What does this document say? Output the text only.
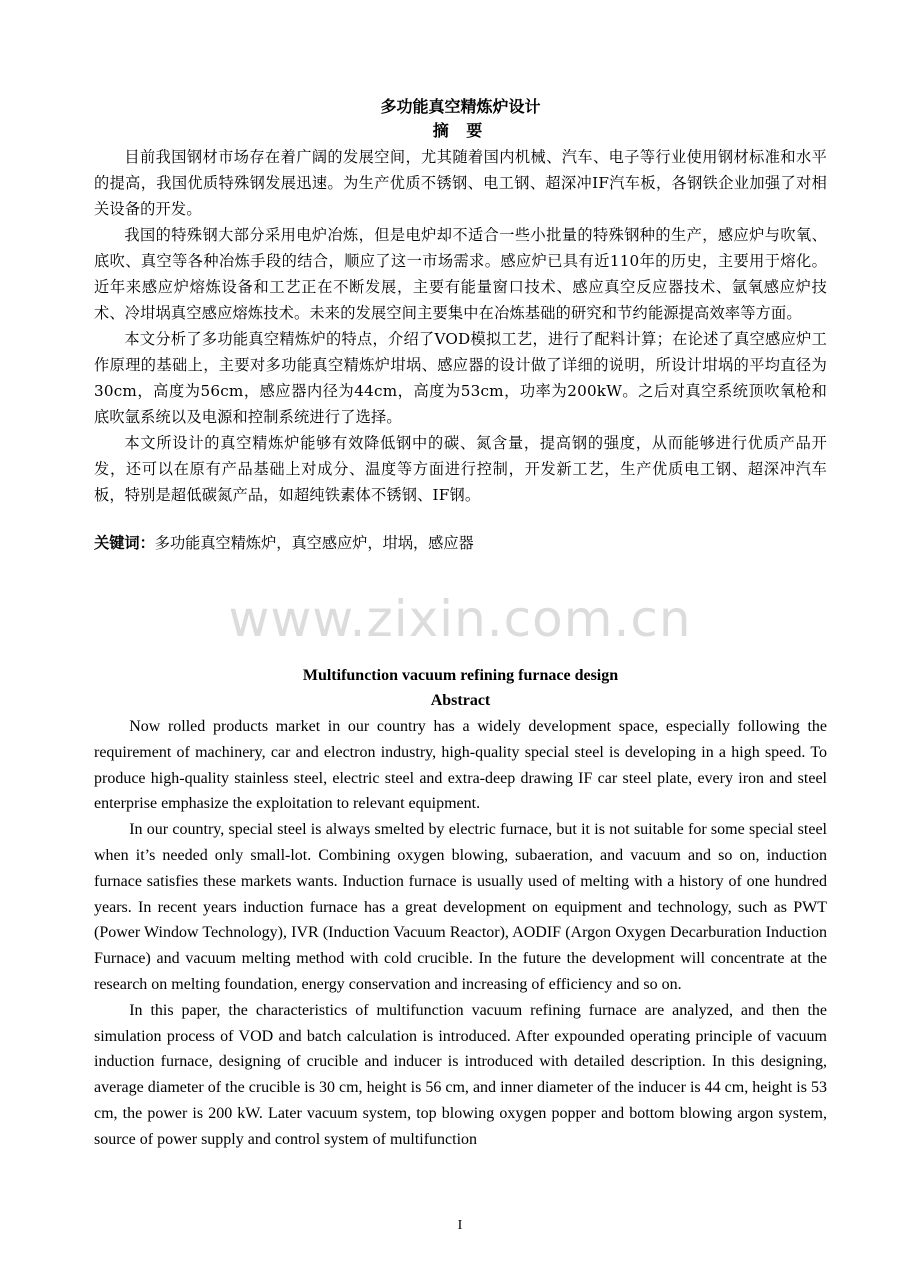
多功能真空精炼炉设计
摘 要

目前我国钢材市场存在着广阔的发展空间，尤其随着国内机械、汽车、电子等行业使用钢材标准和水平的提高，我国优质特殊钢发展迅速。为生产优质不锈钢、电工钢、超深冲IF汽车板，各钢铁企业加强了对相关设备的开发。

我国的特殊钢大部分采用电炉冶炼，但是电炉却不适合一些小批量的特殊钢种的生产，感应炉与吹氧、底吹、真空等各种冶炼手段的结合，顺应了这一市场需求。感应炉已具有近110年的历史，主要用于熔化。近年来感应炉熔炼设备和工艺正在不断发展，主要有能量窗口技术、感应真空反应器技术、氩氧感应炉技术、冷坩埚真空感应熔炼技术。未来的发展空间主要集中在冶炼基础的研究和节约能源提高效率等方面。

本文分析了多功能真空精炼炉的特点，介绍了VOD模拟工艺，进行了配料计算；在论述了真空感应炉工作原理的基础上，主要对多功能真空精炼炉坩埚、感应器的设计做了详细的说明，所设计坩埚的平均直径为30cm，高度为56cm，感应器内径为44cm，高度为53cm，功率为200kW。之后对真空系统顶吹氧枪和底吹氩系统以及电源和控制系统进行了选择。

本文所设计的真空精炼炉能够有效降低钢中的碳、氮含量，提高钢的强度，从而能够进行优质产品开发，还可以在原有产品基础上对成分、温度等方面进行控制，开发新工艺，生产优质电工钢、超深冲汽车板，特别是超低碳氮产品，如超纯铁素体不锈钢、IF钢。

关键词：多功能真空精炼炉，真空感应炉，坩埚，感应器

www.zixin.com.cn
Multifunction vacuum refining furnace design
Abstract

Now rolled products market in our country has a widely development space, especially following the requirement of machinery, car and electron industry, high-quality special steel is developing in a high speed. To produce high-quality stainless steel, electric steel and extra-deep drawing IF car steel plate, every iron and steel enterprise emphasize the exploitation to relevant equipment.

In our country, special steel is always smelted by electric furnace, but it is not suitable for some special steel when it’s needed only small-lot. Combining oxygen blowing, subaeration, and vacuum and so on, induction furnace satisfies these markets wants. Induction furnace is usually used of melting with a history of one hundred years. In recent years induction furnace has a great development on equipment and technology, such as PWT (Power Window Technology), IVR (Induction Vacuum Reactor), AODIF (Argon Oxygen Decarburation Induction Furnace) and vacuum melting method with cold crucible. In the future the development will concentrate at the research on melting foundation, energy conservation and increasing of efficiency and so on.

In this paper, the characteristics of multifunction vacuum refining furnace are analyzed, and then the simulation process of VOD and batch calculation is introduced. After expounded operating principle of vacuum induction furnace, designing of crucible and inducer is introduced with detailed description. In this designing, average diameter of the crucible is 30 cm, height is 56 cm, and inner diameter of the inducer is 44 cm, height is 53 cm, the power is 200 kW. Later vacuum system, top blowing oxygen popper and bottom blowing argon system, source of power supply and control system of multifunction

I
